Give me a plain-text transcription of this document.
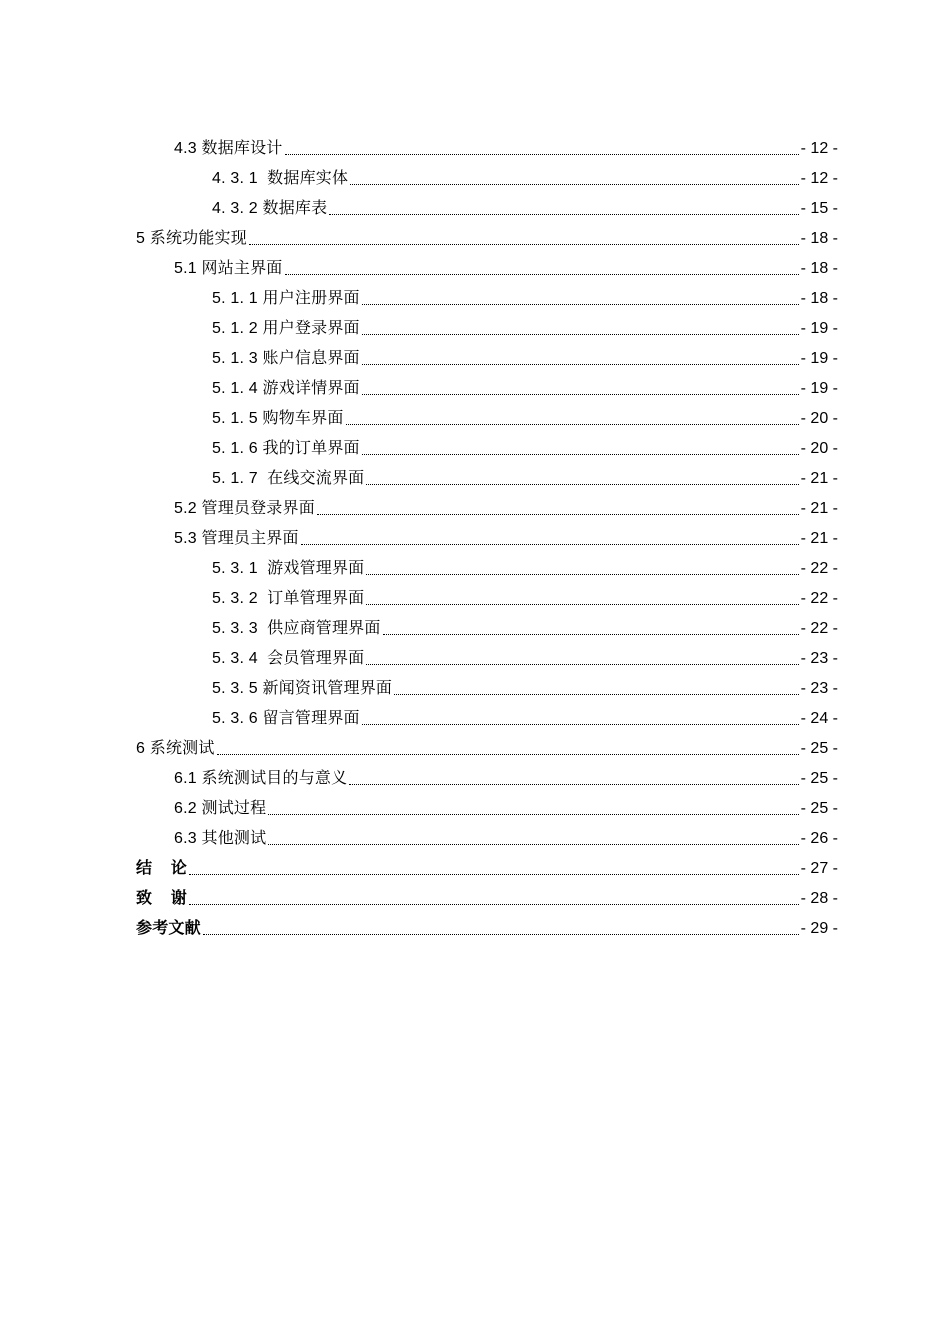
4.3 数据库设计	- 12 -
4. 3. 1  数据库实体	- 12 -
4. 3. 2 数据库表	- 15 -
5 系统功能实现	- 18 -
5.1 网站主界面	- 18 -
5. 1. 1 用户注册界面	- 18 -
5. 1. 2 用户登录界面	- 19 -
5. 1. 3 账户信息界面	- 19 -
5. 1. 4 游戏详情界面	- 19 -
5. 1. 5 购物车界面	- 20 -
5. 1. 6 我的订单界面	- 20 -
5. 1. 7  在线交流界面	- 21 -
5.2 管理员登录界面	- 21 -
5.3 管理员主界面	- 21 -
5. 3. 1  游戏管理界面	- 22 -
5. 3. 2  订单管理界面	- 22 -
5. 3. 3  供应商管理界面	- 22 -
5. 3. 4  会员管理界面	- 23 -
5. 3. 5 新闻资讯管理界面	- 23 -
5. 3. 6 留言管理界面	- 24 -
6 系统测试	- 25 -
6.1 系统测试目的与意义	- 25 -
6.2 测试过程	- 25 -
6.3 其他测试	- 26 -
结    论	- 27 -
致    谢	- 28 -
参考文献	- 29 -
